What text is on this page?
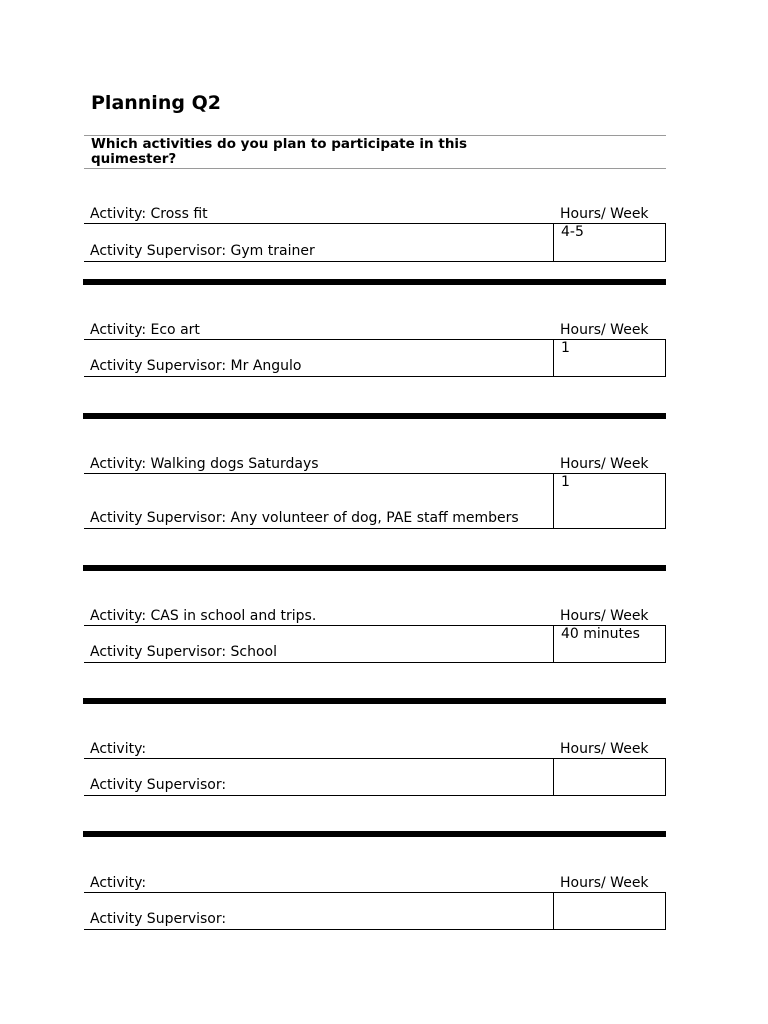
Planning Q2
Which activities do you plan to participate in this quimester?
Activity: Cross fit	Hours/ Week
Activity Supervisor: Gym trainer
4-5
Activity: Eco art	Hours/ Week
Activity Supervisor: Mr Angulo
1
Activity: Walking dogs Saturdays	Hours/ Week
Activity Supervisor: Any volunteer of dog, PAE staff members
1
Activity: CAS in school and trips.	Hours/ Week
Activity Supervisor: School
40 minutes
Activity:	Hours/ Week
Activity Supervisor:
Activity:	Hours/ Week
Activity Supervisor:
